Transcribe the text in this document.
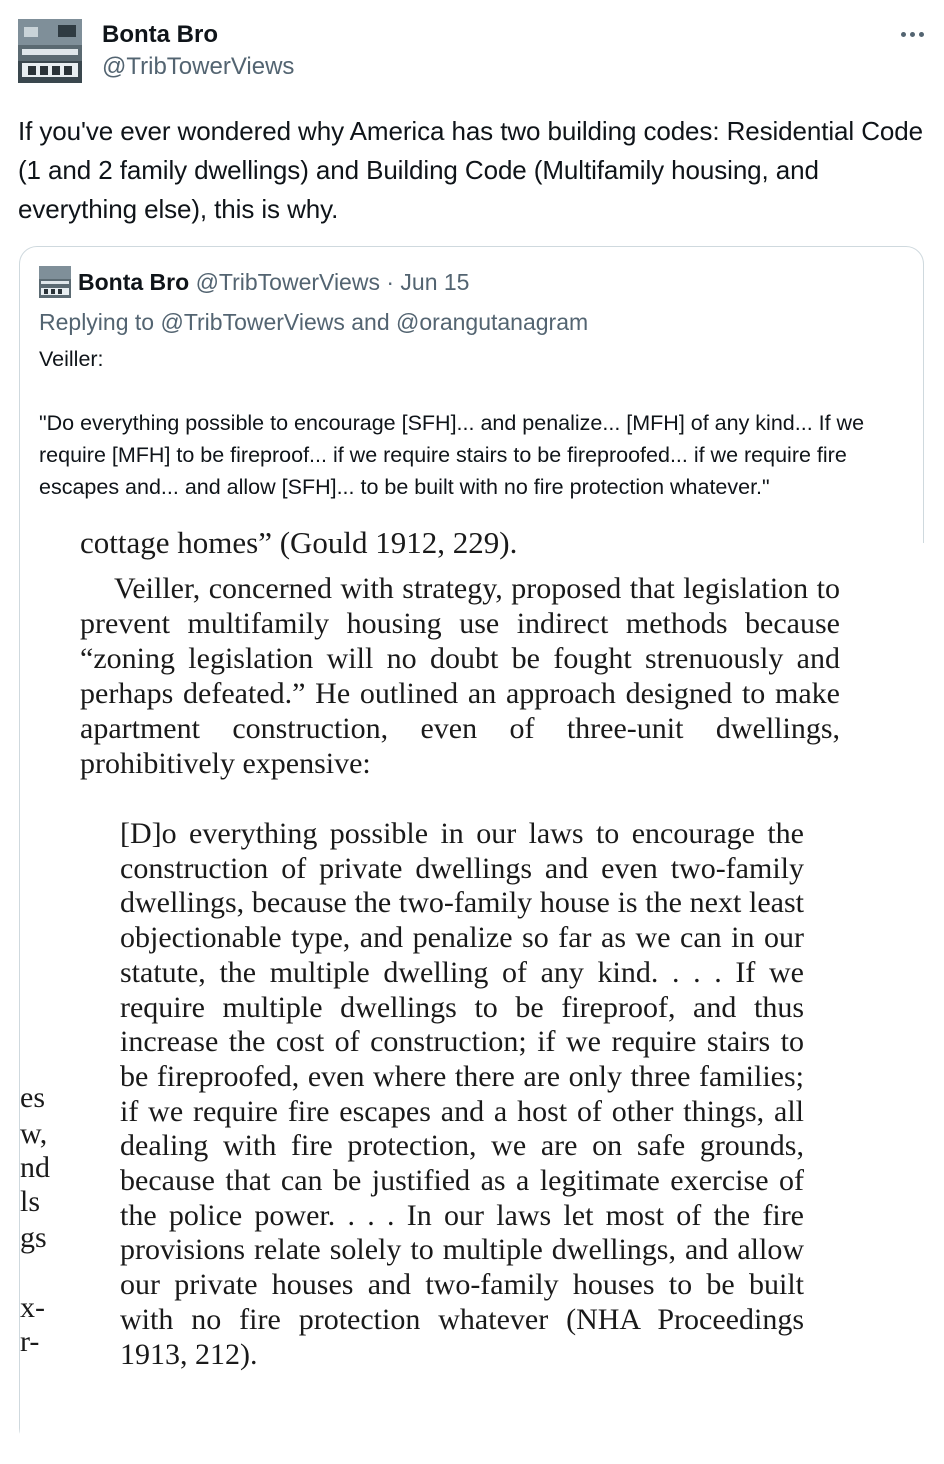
Bonta Bro
@TribTowerViews
If you've ever wondered why America has two building codes: Residential Code (1 and 2 family dwellings) and Building Code (Multifamily housing, and everything else), this is why.
Bonta Bro @TribTowerViews · Jun 15
Replying to @TribTowerViews and @orangutanagram

Veiller:

"Do everything possible to encourage [SFH]... and penalize... [MFH] of any kind... If we require [MFH] to be fireproof... if we require stairs to be fireproofed... if we require fire escapes and... and allow [SFH]... to be built with no fire protection whatever."

cottage homes” (Gould 1912, 229).
Veiller, concerned with strategy, proposed that legislation to prevent multifamily housing use indirect methods because “zoning legislation will no doubt be fought strenuously and perhaps defeated.” He outlined an approach designed to make apartment construction, even of three-unit dwellings, prohibitively expensive:
[D]o everything possible in our laws to encourage the construction of private dwellings and even two-family dwellings, because the two-family house is the next least objectionable type, and penalize so far as we can in our statute, the multiple dwelling of any kind. . . . If we require multiple dwellings to be fireproof, and thus increase the cost of construction; if we require stairs to be fireproofed, even where there are only three families; if we require fire escapes and a host of other things, all dealing with fire protection, we are on safe grounds, because that can be justified as a legitimate exercise of the police power. . . . In our laws let most of the fire provisions relate solely to multiple dwellings, and allow our private houses and two-family houses to be built with no fire protection whatever (NHA Proceedings 1913, 212).
es
w,
nd
ls
gs
x-
r-
